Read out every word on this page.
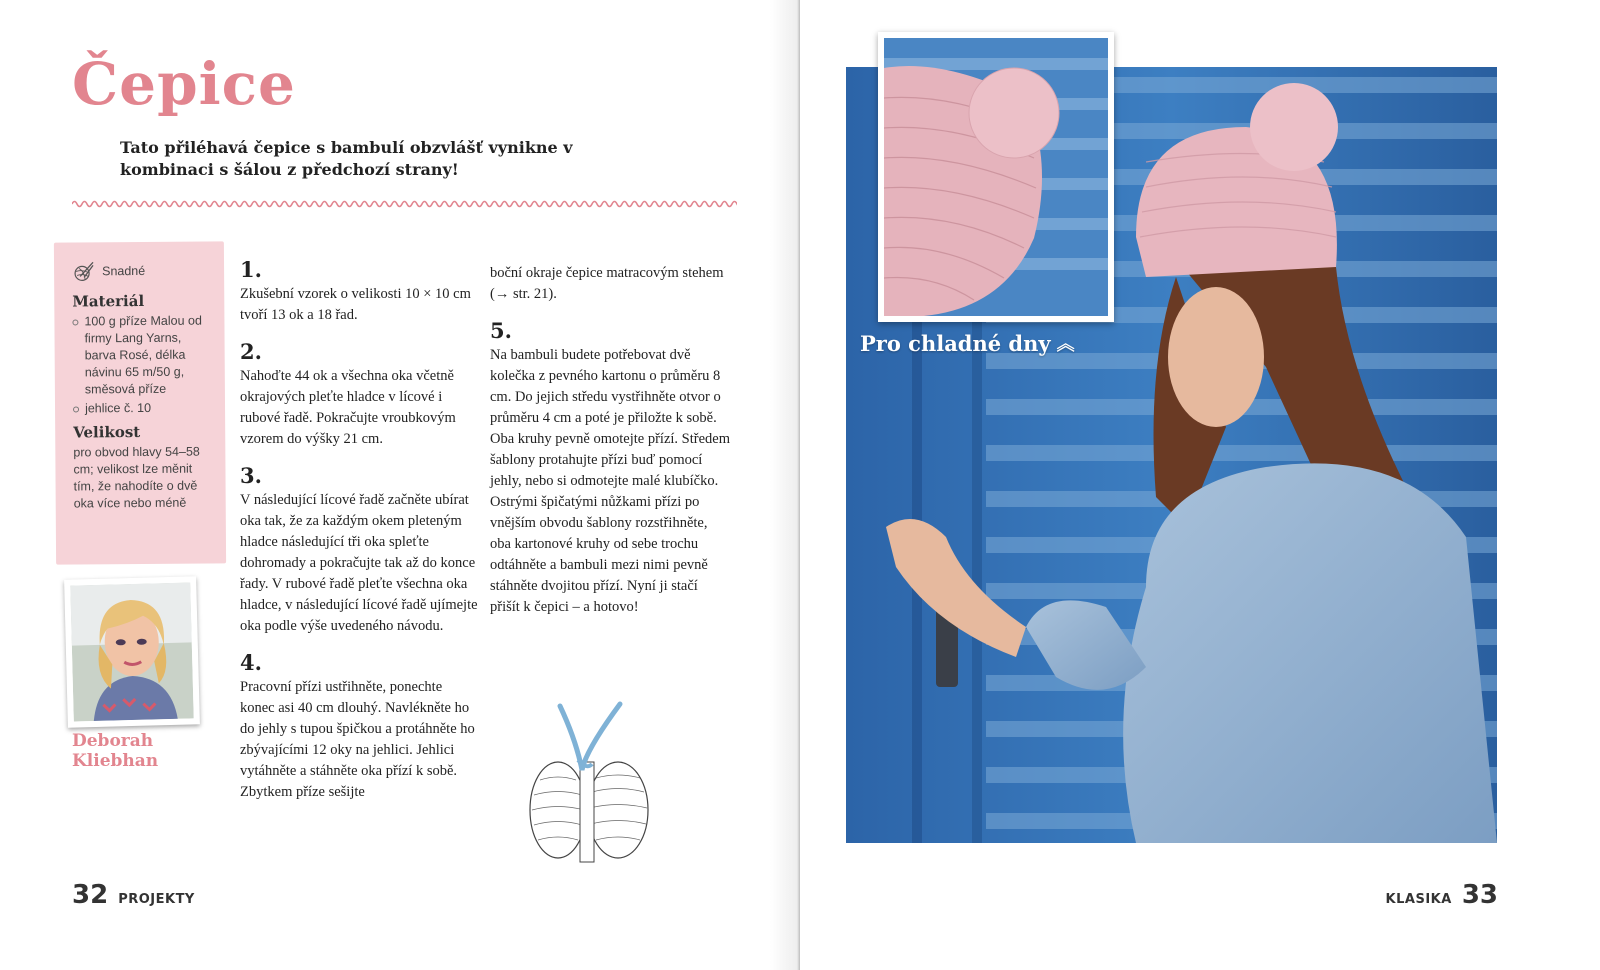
Čepice
Tato přiléhavá čepice s bambulí obzvlášť vynikne v kombinaci s šálou z předchozí strany!
Snadné
Materiál
100 g příze Malou od firmy Lang Yarns, barva Rosé, délka návinu 65 m/50 g, směsová příze
jehlice č. 10
Velikost
pro obvod hlavy 54–58 cm; velikost lze měnit tím, že nahodíte o dvě oka více nebo méně
Deborah Kliebhan
1.
Zkušební vzorek o velikosti 10 × 10 cm tvoří 13 ok a 18 řad.
2.
Nahoďte 44 ok a všechna oka včetně okrajových pleťte hladce v lícové i rubové řadě. Pokračujte vroubkovým vzorem do výšky 21 cm.
3.
V následující lícové řadě začněte ubírat oka tak, že za každým okem pleteným hladce následující tři oka spleťte dohromady a pokračujte tak až do konce řady. V rubové řadě pleťte všechna oka hladce, v následující lícové řadě ujímejte oka podle výše uvedeného návodu.
4.
Pracovní přízi ustřihněte, ponechte konec asi 40 cm dlouhý. Navlékněte ho do jehly s tupou špičkou a protáhněte ho zbývajícími 12 oky na jehlici. Jehlici vytáhněte a stáhněte oka přízí k sobě. Zbytkem příze sešijte
boční okraje čepice matracovým stehem (→ str. 21).
5.
Na bambuli budete potřebovat dvě kolečka z pevného kartonu o průměru 8 cm. Do jejich středu vystřihněte otvor o průměru 4 cm a poté je přiložte k sobě. Oba kruhy pevně omotejte přízí. Středem šablony protahujte přízi buď pomocí jehly, nebo si odmotejte malé klubíčko. Ostrými špičatými nůžkami přízi po vnějším obvodu šablony rozstřihněte, oba kartonové kruhy od sebe trochu odtáhněte a bambuli mezi nimi pevně stáhněte dvojitou přízí. Nyní ji stačí přišít k čepici – a hotovo!
32 PROJEKTY
Pro chladné dny ︽
KLASIKA 33
